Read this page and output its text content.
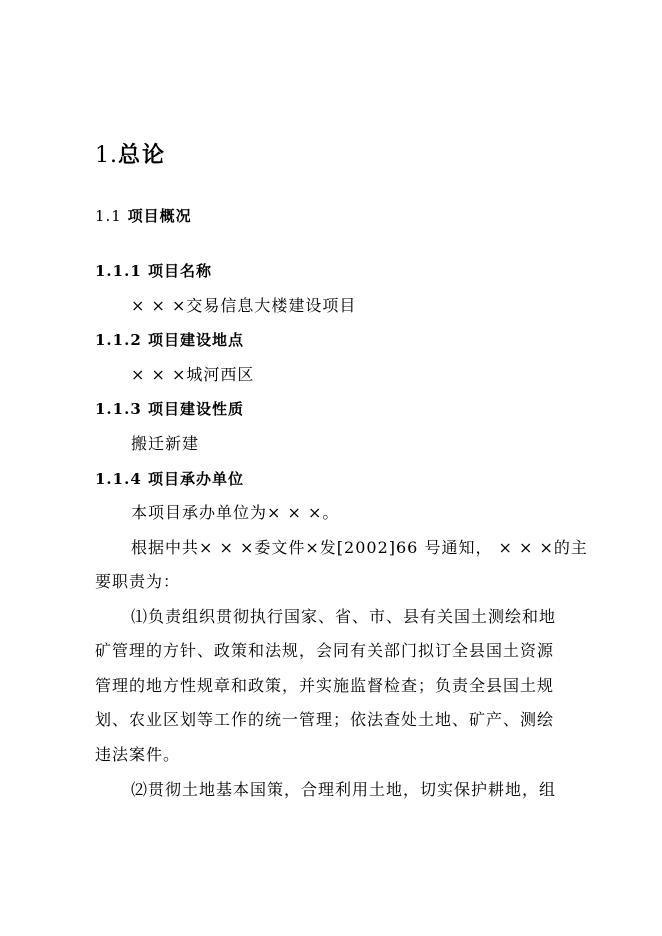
1.总论
1.1 项目概况
1.1.1 项目名称
× × ×交易信息大楼建设项目
1.1.2 项目建设地点
× × ×城河西区
1.1.3 项目建设性质
搬迁新建
1.1.4 项目承办单位
本项目承办单位为× × ×。
根据中共× × ×委文件×发[2002]66 号通知， × × ×的主
要职责为：
⑴负责组织贯彻执行国家、省、市、县有关国土测绘和地
矿管理的方针、政策和法规，会同有关部门拟订全县国土资源
管理的地方性规章和政策，并实施监督检查；负责全县国土规
划、农业区划等工作的统一管理；依法查处土地、矿产、测绘
违法案件。
⑵贯彻土地基本国策，合理利用土地，切实保护耕地，组
